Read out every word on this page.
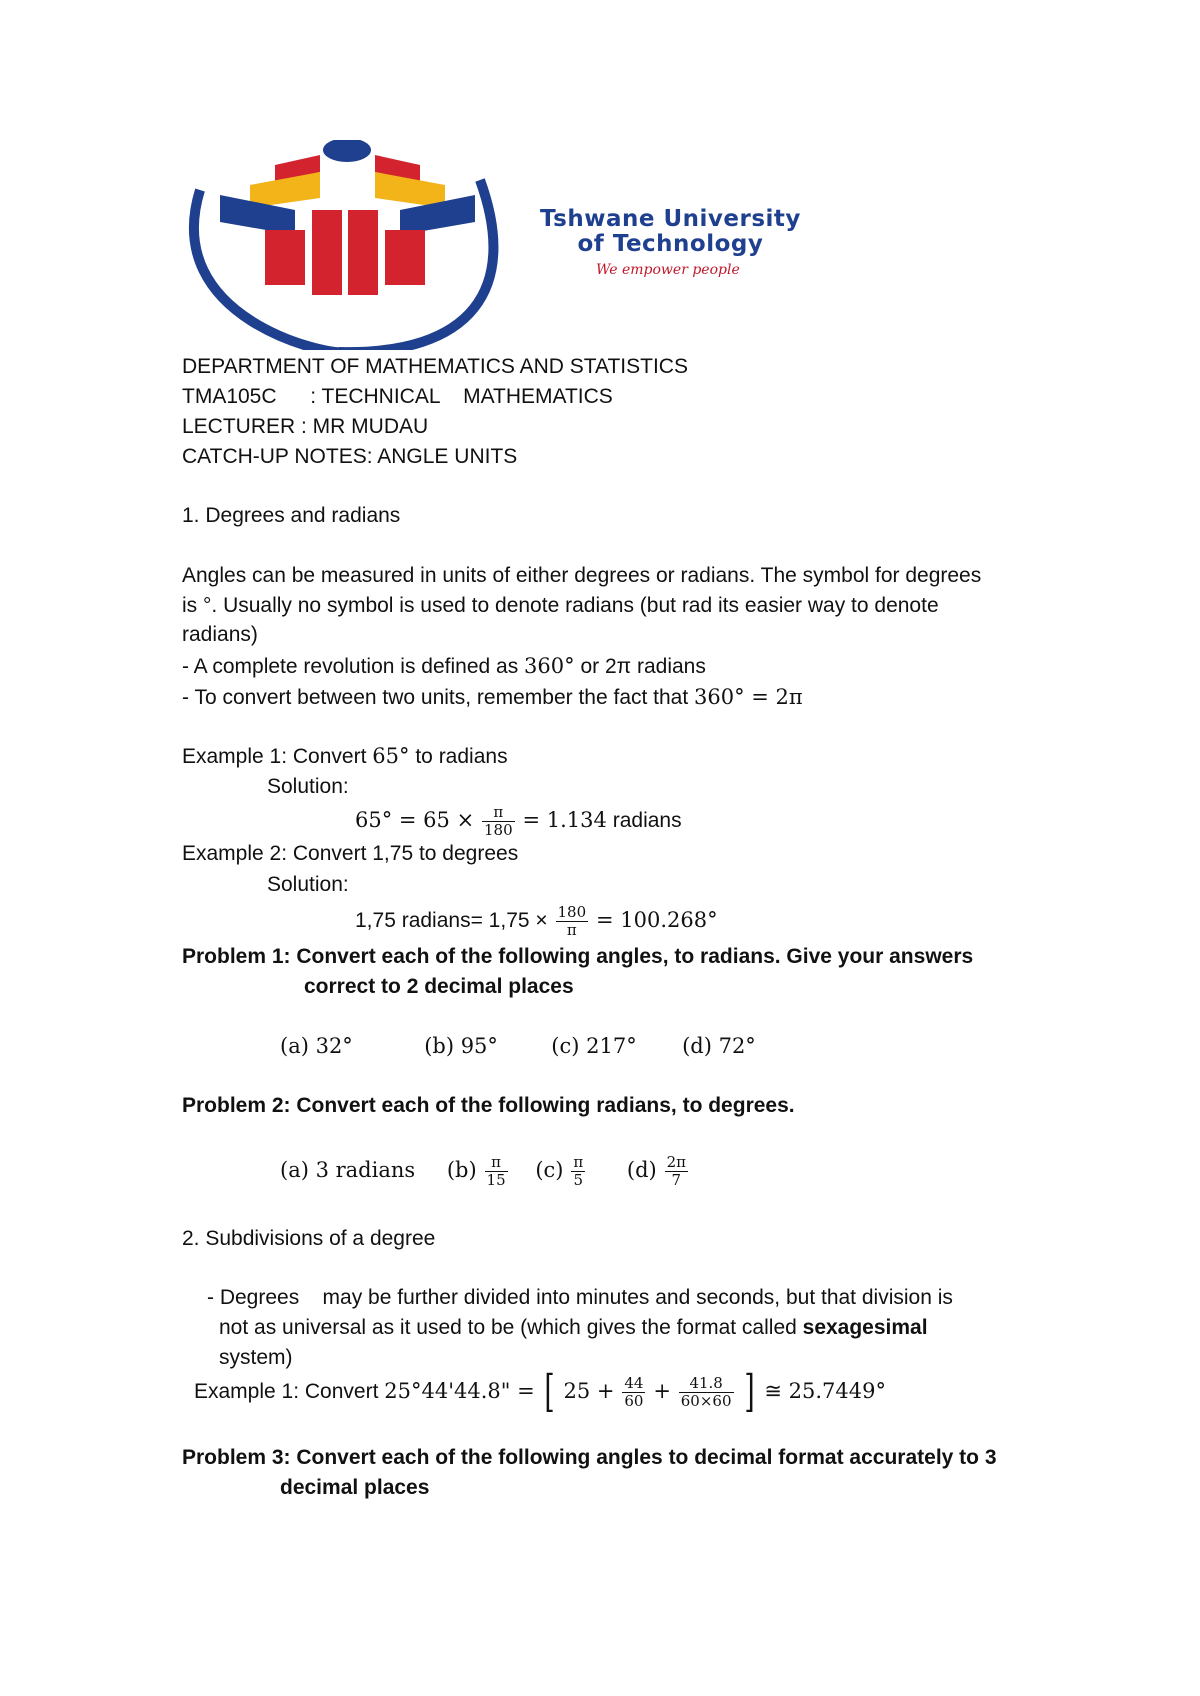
Tshwane University
of Technology
We empower people
DEPARTMENT OF MATHEMATICS AND STATISTICS
TMA105C : TECHNICAL    MATHEMATICS
LECTURER : MR MUDAU
CATCH-UP NOTES: ANGLE UNITS
1. Degrees and radians
Angles can be measured in units of either degrees or radians. The symbol for degrees
is °. Usually no symbol is used to denote radians (but rad its easier way to denote
radians)
- A complete revolution is defined as 360° or 2π radians
- To convert between two units, remember the fact that 360° = 2π
Example 1: Convert 65° to radians
Solution:
$65^\circ = 65 \times \frac{\pi}{180} = 1.134$ radians
Example 2: Convert 1,75 to degrees
Solution:
1,75 radians= $1,75 \times \frac{180}{\pi} = 100.268^\circ$
Problem 1: Convert each of the following angles, to radians. Give your answers
correct to 2 decimal places
(a) 32°	(b) 95°	(c) 217° (d) 72°
Problem 2: Convert each of the following radians, to degrees.
(a) 3 radians $(b) \frac{\pi}{15} (c) \frac{\pi}{5} (d) \frac{2\pi}{7}$
2. Subdivisions of a degree
- Degrees    may be further divided into minutes and seconds, but that division is
not as universal as it used to be (which gives the format called sexagesimal
system)
Example 1: Convert 25°44'44.8" = [ $25 + \frac{44}{60} + \frac{41.8}{60\times 60}$ ] ≅ 25.7449°
Problem 3: Convert each of the following angles to decimal format accurately to 3
decimal places
